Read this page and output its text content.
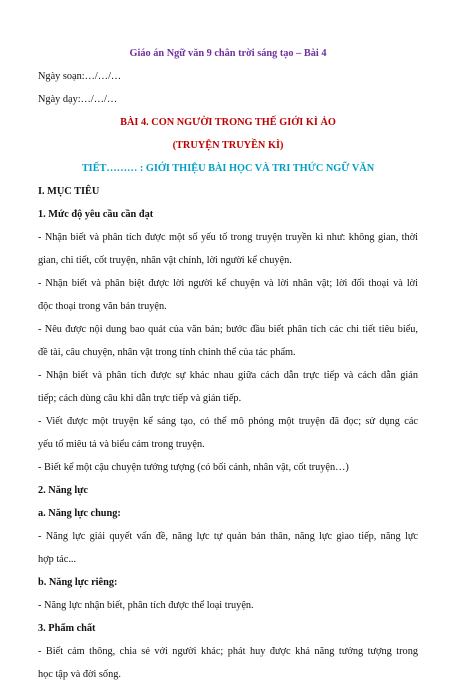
Giáo án Ngữ văn 9 chân trời sáng tạo – Bài 4
Ngày soạn:…/…/…
Ngày dạy:…/…/…
BÀI 4. CON NGƯỜI TRONG THẾ GIỚI KÌ ẢO
(TRUYỆN TRUYỀN KÌ)
TIẾT……… : GIỚI THIỆU BÀI HỌC VÀ TRI THỨC NGỮ VĂN
I. MỤC TIÊU
1. Mức độ yêu cầu cần đạt
- Nhận biết và phân tích được một số yếu tố trong truyện truyền kì như: không gian, thời
gian, chi tiết, cốt truyện, nhân vật chính, lời người kể chuyện.
- Nhận biết và phân biệt được lời người kể chuyện và lời nhân vật; lời đối thoại và lời
độc thoại trong văn bản truyện.
- Nêu được nội dung bao quát của văn bản; bước đầu biết phân tích các chi tiết tiêu biểu,
đề tài, câu chuyện, nhân vật trong tính chỉnh thể của tác phẩm.
- Nhận biết và phân tích được sự khác nhau giữa cách dẫn trực tiếp và cách dẫn gián
tiếp; cách dùng câu khi dẫn trực tiếp và gián tiếp.
- Viết được một truyện kể sáng tạo, có thể mô phỏng một truyện đã đọc; sử dụng các
yếu tố miêu tả và biểu cảm trong truyện.
- Biết kể một cậu chuyện tưởng tượng (có bối cảnh, nhân vật, cốt truyện…)
2. Năng lực
a. Năng lực chung:
- Năng lực giải quyết vấn đề, năng lực tự quản bản thân, năng lực giao tiếp, năng lực
hợp tác...
b. Năng lực riêng:
- Năng lực nhận biết, phân tích được thể loại truyện.
3. Phẩm chất
- Biết cảm thông, chia sẻ với người khác; phát huy được khả năng tưởng tượng trong
học tập và đời sống.
